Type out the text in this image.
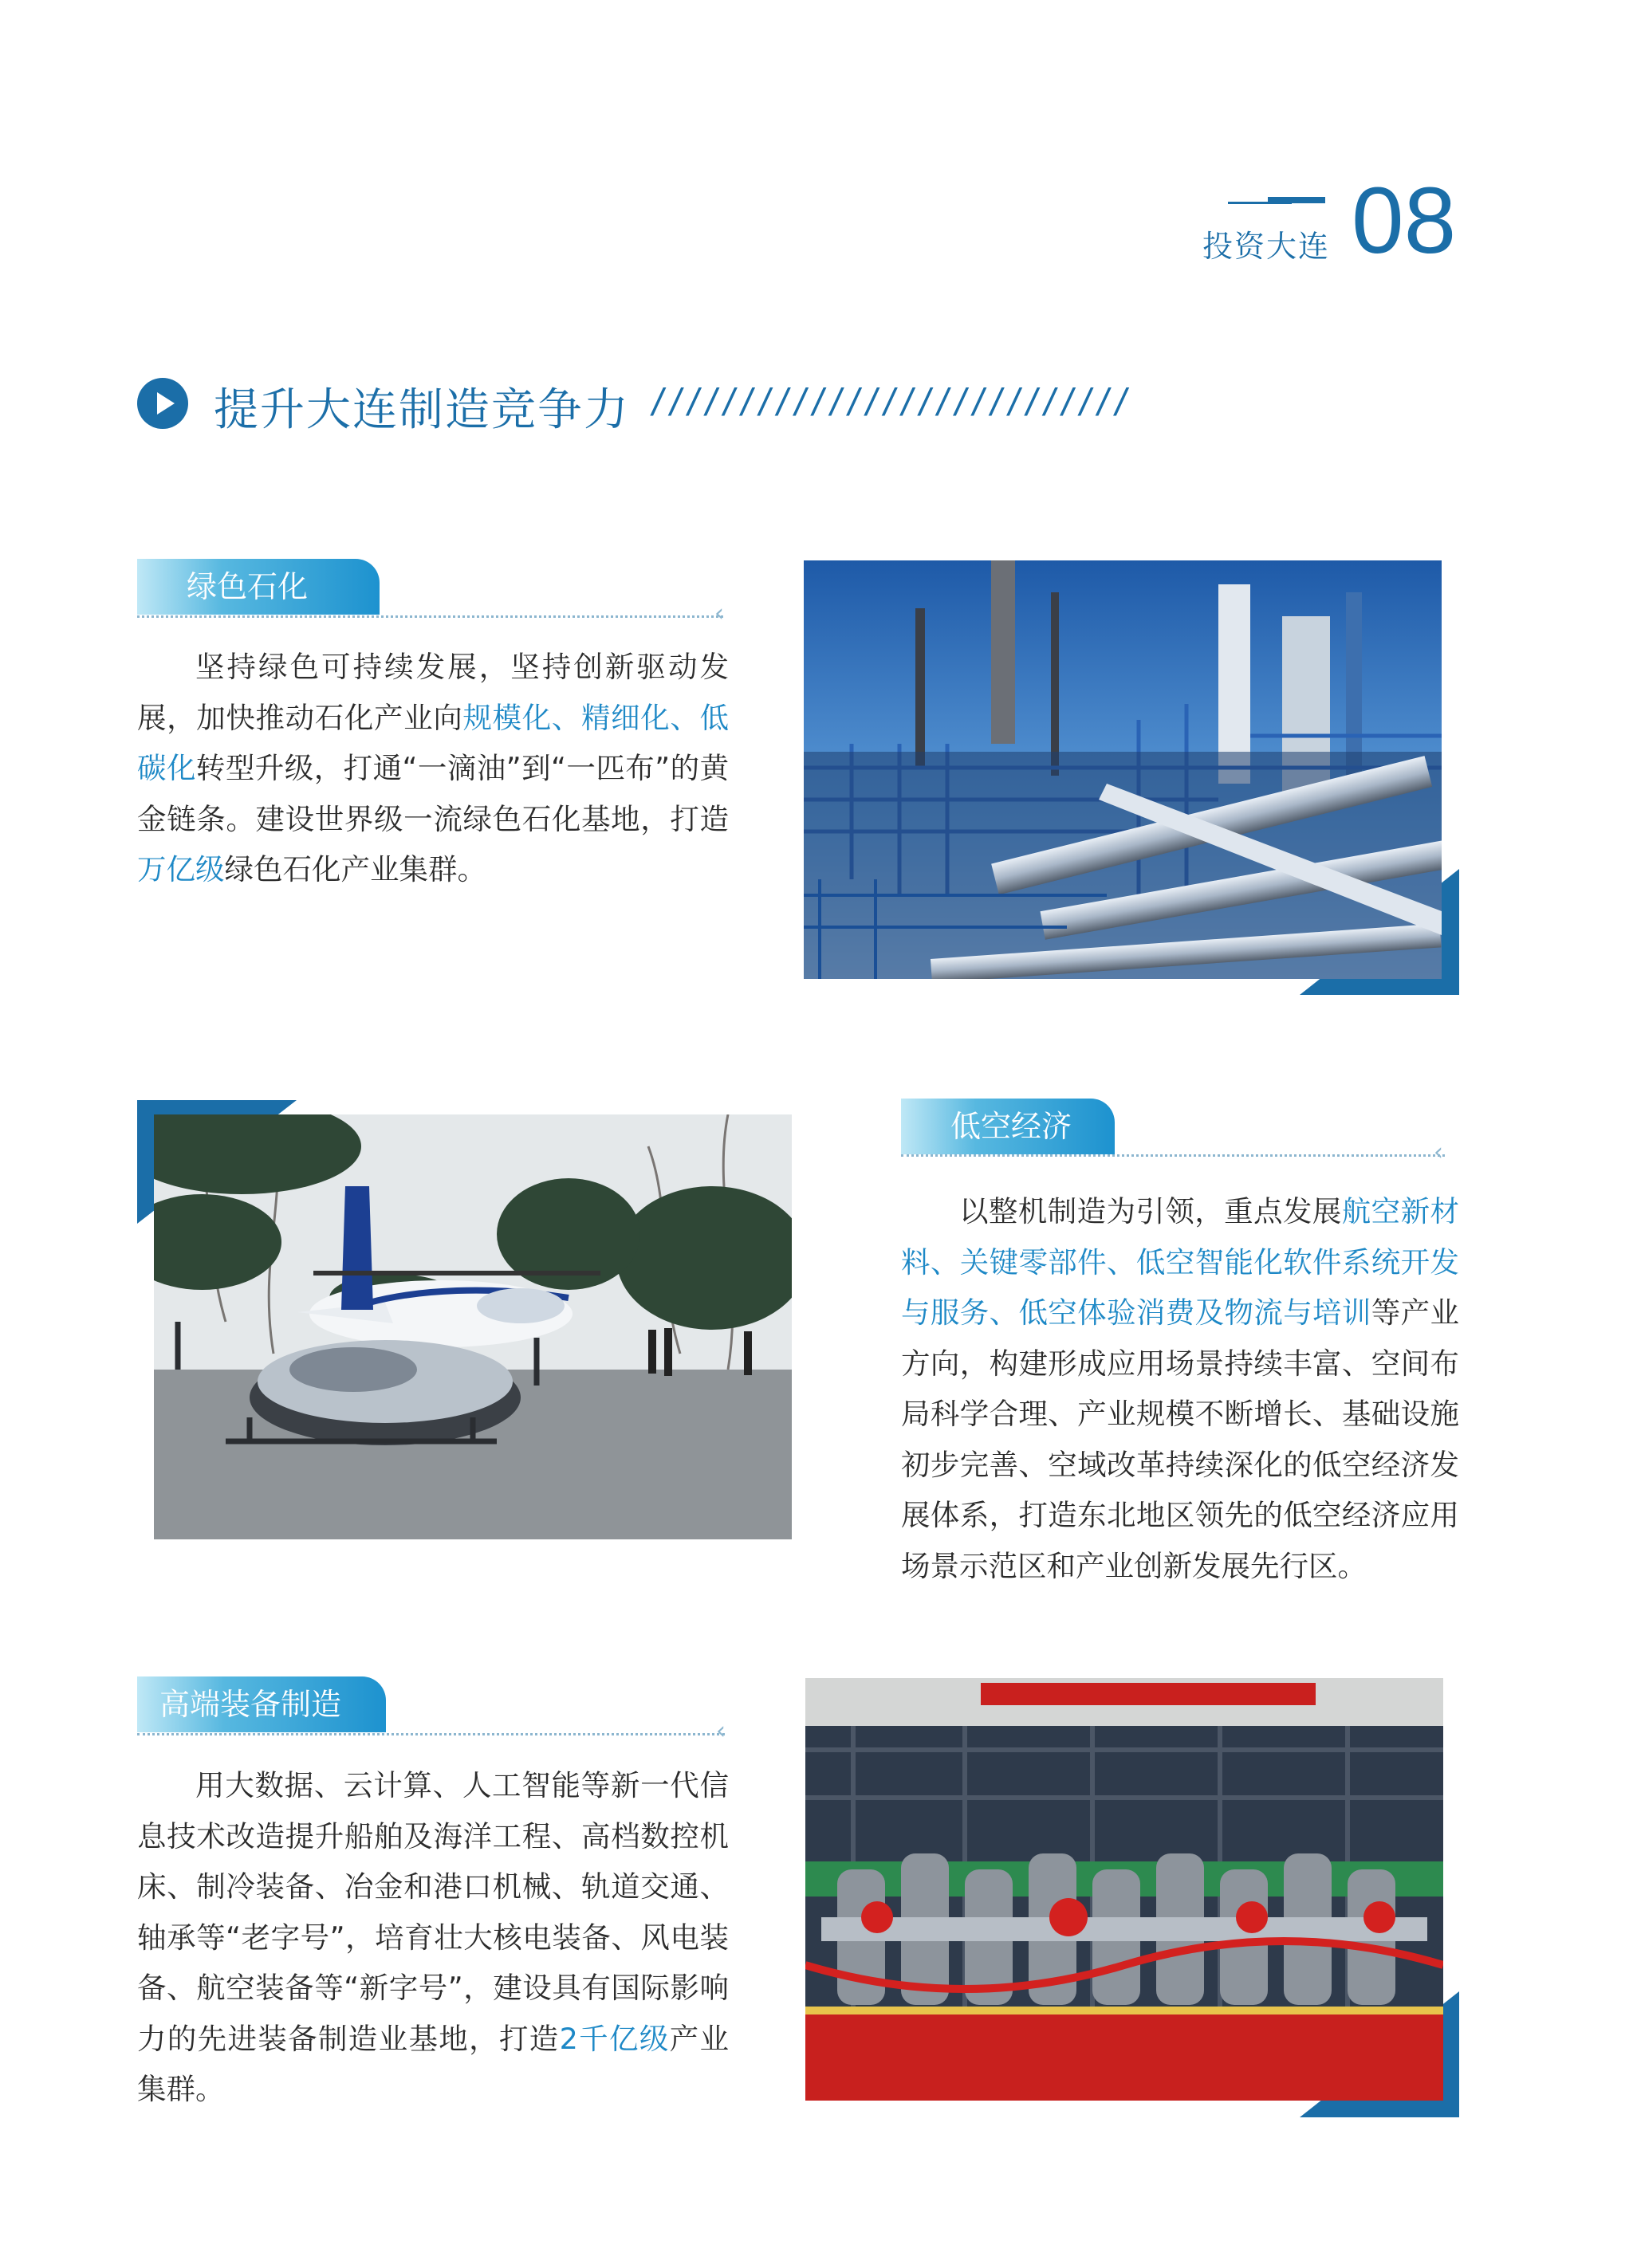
投资大连 08
提升大连制造竞争力 ///////////////////////////
绿色石化
‹

坚持绿色可持续发展，坚持创新驱动发展，加快推动石化产业向规模化、精细化、低碳化转型升级，打通“一滴油”到“一匹布”的黄金链条。建设世界级一流绿色石化基地，打造万亿级绿色石化产业集群。

低空经济
‹

以整机制造为引领，重点发展航空新材料、关键零部件、低空智能化软件系统开发与服务、低空体验消费及物流与培训等产业方向，构建形成应用场景持续丰富、空间布局科学合理、产业规模不断增长、基础设施初步完善、空域改革持续深化的低空经济发展体系，打造东北地区领先的低空经济应用场景示范区和产业创新发展先行区。

高端装备制造
‹

用大数据、云计算、人工智能等新一代信息技术改造提升船舶及海洋工程、高档数控机床、制冷装备、冶金和港口机械、轨道交通、轴承等“老字号”，培育壮大核电装备、风电装备、航空装备等“新字号”，建设具有国际影响力的先进装备制造业基地，打造2千亿级产业集群。
